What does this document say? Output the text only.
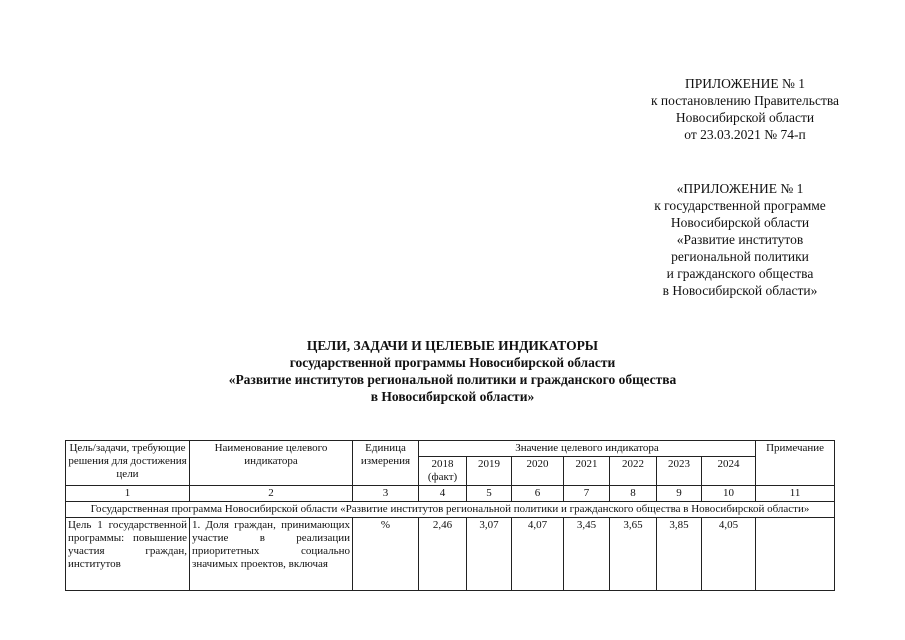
ПРИЛОЖЕНИЕ № 1
к постановлению Правительства
Новосибирской области
от 23.03.2021 № 74-п
«ПРИЛОЖЕНИЕ № 1
к государственной программе
Новосибирской области
«Развитие институтов
региональной политики
и гражданского общества
в Новосибирской области»
ЦЕЛИ, ЗАДАЧИ И ЦЕЛЕВЫЕ ИНДИКАТОРЫ
государственной программы Новосибирской области
«Развитие институтов региональной политики и гражданского общества
в Новосибирской области»
Цель/задачи, требующие решения для достижения цели	Наименование целевого индикатора	Единица измерения	Значение целевого индикатора							Примечание
			2018 (факт)	2019	2020	2021	2022	2023	2024	
1	2	3	4	5	6	7	8	9	10	11
Государственная программа Новосибирской области «Развитие институтов региональной политики и гражданского общества в Новосибирской области»										
Цель 1 государственной программы: повышение участия граждан, институтов	1. Доля граждан, принимающих участие в реализации приоритетных социально значимых проектов, включая	%	2,46	3,07	4,07	3,45	3,65	3,85	4,05	
